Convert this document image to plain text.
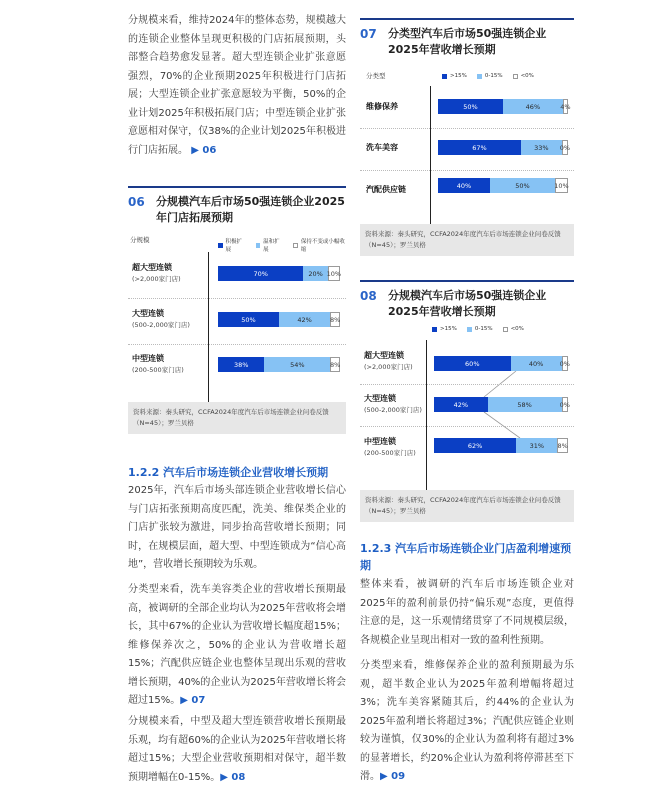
分规模来看，维持2024年的整体态势，规模越大的连锁企业整体呈现更积极的门店拓展预期，头部整合趋势愈发显著。超大型连锁企业扩张意愿强烈，70%的企业预期2025年积极进行门店拓展；大型连锁企业扩张意愿较为平衡，50%的企业计划2025年积极拓展门店；中型连锁企业扩张意愿相对保守，仅38%的企业计划2025年积极进行门店拓展。 ▶ 06

06	分规模汽车后市场50强连锁企业2025年门店拓展预期
分规模	积极扩展
温和扩展
保持不变或小幅收缩
超大型连锁
(>2,000家门店)
70%	20% 10%
大型连锁
(500-2,000家门店)
50%	42%	8%
中型连锁
(200-500家门店)
38%	54%	8%
资料来源：秦头研究，CCFA2024年度汽车后市场连锁企业问卷反馈（N=45）；罗兰贝格
1.2.2 汽车后市场连锁企业营收增长预期

2025年，汽车后市场头部连锁企业营收增长信心与门店拓张预期高度匹配，洗美、维保类企业的门店扩张较为激进，同步抬高营收增长预期；同时，在规模层面，超大型、中型连锁成为“信心高地”，营收增长预期较为乐观。

分类型来看，洗车美容类企业的营收增长预期最高，被调研的全部企业均认为2025年营收将会增长，其中67%的企业认为营收增长幅度超15%；维修保养次之，50%的企业认为营收增长超15%；汽配供应链企业也整体呈现出乐观的营收增长预期，40%的企业认为2025年营收增长将会超过15%。▶ 07

分规模来看，中型及超大型连锁营收增长预期最乐观，均有超60%的企业认为2025年营收增长将超过15%；大型企业营收预期相对保守，超半数预期增幅在0-15%。▶ 08

07	分类型汽车后市场50强连锁企业2025年营收增长预期
分类型	>15%	0-15%	<0%
维修保养	50%	46%	4%
洗车美容	67%	33% 0%
汽配供应链	40%	50%	10%
资料来源：秦头研究，CCFA2024年度汽车后市场连锁企业问卷反馈（N=45）；罗兰贝格
08	分规模汽车后市场50强连锁企业2025年营收增长预期
>15%	0-15%	<0%
超大型连锁
(>2,000家门店)	60%	40%	0%
大型连锁
(500-2,000家门店)
42%	58%	0%
中型连锁
(200-500家门店)
62%	31% 8%
资料来源：秦头研究，CCFA2024年度汽车后市场连锁企业问卷反馈（N=45）；罗兰贝格
1.2.3 汽车后市场连锁企业门店盈利增速预期

整体来看，被调研的汽车后市场连锁企业对2025年的盈利前景仍持“偏乐观”态度，更值得注意的是，这一乐观情绪贯穿了不同规模层级，各规模企业呈现出相对一致的盈利性预期。

分类型来看，维修保养企业的盈利预期最为乐观，超半数企业认为2025年盈利增幅将超过3%；洗车美容紧随其后，约44%的企业认为2025年盈利增长将超过3%；汽配供应链企业则较为谨慎，仅30%的企业认为盈利将有超过3%的显著增长，约20%企业认为盈利将停滞甚至下滑。▶ 09
